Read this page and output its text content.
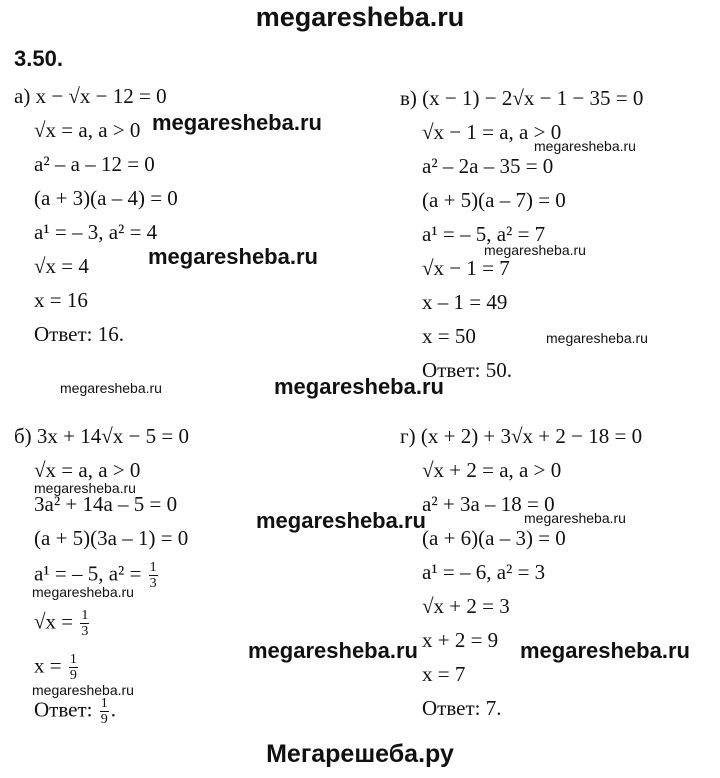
megaresheba.ru
Мегарешеба.ру
3.50.
а) x − √x − 12 = 0
√x = a, a > 0
a² – a – 12 = 0
(a + 3)(a – 4) = 0
a¹ = – 3, a² = 4
√x = 4
x = 16
Ответ: 16.
в) (x − 1) − 2√x − 1 − 35 = 0
√x − 1 = a, a > 0
a² – 2a – 35 = 0
(a + 5)(a – 7) = 0
a¹ = – 5, a² = 7
√x − 1 = 7
x – 1 = 49
x = 50
Ответ: 50.
б) 3x + 14√x − 5 = 0
√x = a, a > 0
3a² + 14a – 5 = 0
(a + 5)(3a – 1) = 0
a¹ = – 5, $a^2 = \frac{1}{3}$
$√x = \frac{1}{3}$
$x = \frac{1}{9}$
Ответ: $\frac{1}{9}$ .
г) (x + 2) + 3√x + 2 − 18 = 0
√x + 2 = a, a > 0
a² + 3a – 18 = 0
(a + 6)(a – 3) = 0
a¹ = – 6, a² = 3
√x + 2 = 3
x + 2 = 9
x = 7
Ответ: 7.
megaresheba.ru
megaresheba.ru
megaresheba.ru	megaresheba.ru
megaresheba.ru
megaresheba.ru	megaresheba.ru
megaresheba.ru
megaresheba.ru	megaresheba.ru
megaresheba.ru
megaresheba.ru	megaresheba.ru
megaresheba.ru
